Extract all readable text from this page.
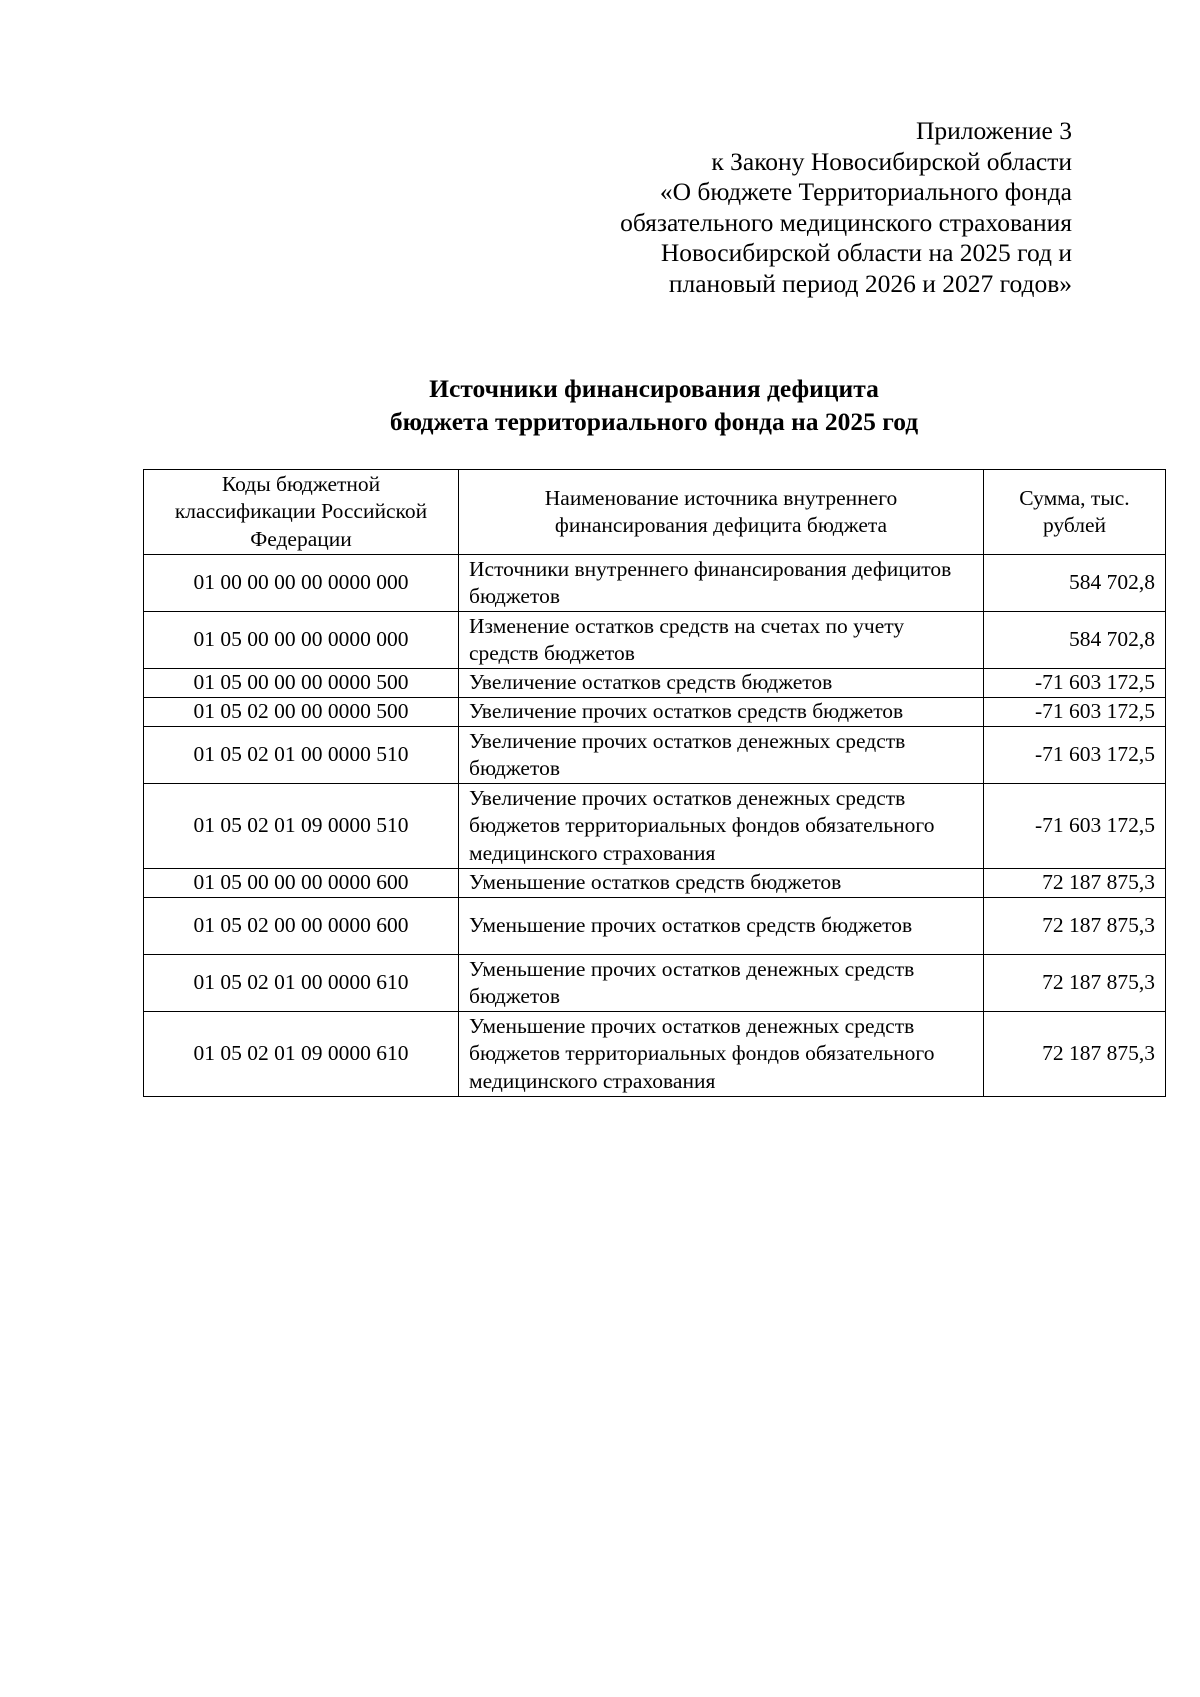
Приложение 3
к Закону Новосибирской области
«О бюджете Территориального фонда
обязательного медицинского страхования
Новосибирской области на 2025 год и
плановый период 2026 и 2027 годов»
Источники финансирования дефицита
бюджета территориального фонда на 2025 год
Коды бюджетной классификации Российской Федерации	Наименование источника внутреннего финансирования дефицита бюджета	Сумма, тыс. рублей
01 00 00 00 00 0000 000	Источники внутреннего финансирования дефицитов бюджетов	584 702,8
01 05 00 00 00 0000 000	Изменение остатков средств на счетах по учету средств бюджетов	584 702,8
01 05 00 00 00 0000 500	Увеличение остатков средств бюджетов	-71 603 172,5
01 05 02 00 00 0000 500	Увеличение прочих остатков средств бюджетов	-71 603 172,5
01 05 02 01 00 0000 510	Увеличение прочих остатков денежных средств бюджетов	-71 603 172,5
01 05 02 01 09 0000 510	Увеличение прочих остатков денежных средств бюджетов территориальных фондов обязательного медицинского страхования	-71 603 172,5
01 05 00 00 00 0000 600	Уменьшение остатков средств бюджетов	72 187 875,3
01 05 02 00 00 0000 600	Уменьшение прочих остатков средств бюджетов	72 187 875,3
01 05 02 01 00 0000 610	Уменьшение прочих остатков денежных средств бюджетов	72 187 875,3
01 05 02 01 09 0000 610	Уменьшение прочих остатков денежных средств бюджетов территориальных фондов обязательного медицинского страхования	72 187 875,3
